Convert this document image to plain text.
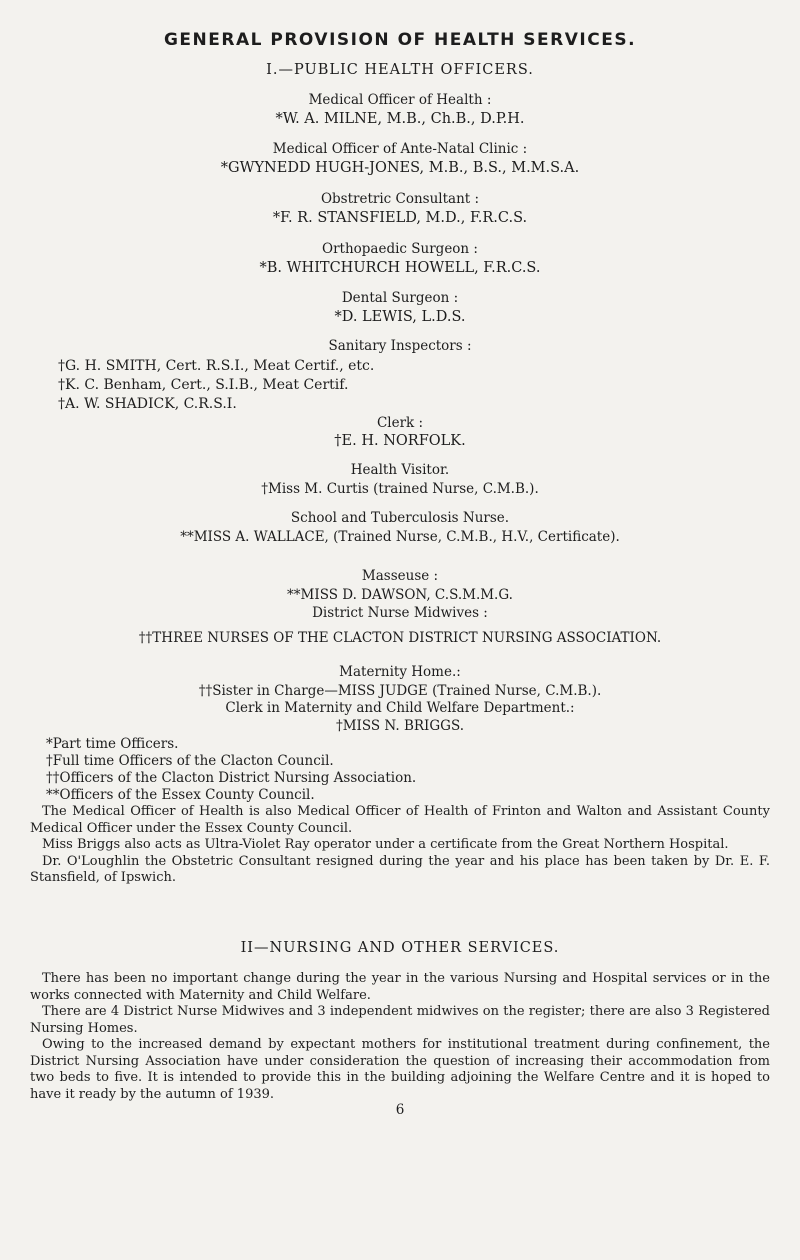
GENERAL PROVISION OF HEALTH SERVICES.
I.—PUBLIC HEALTH OFFICERS.
Medical Officer of Health :
*W. A. MILNE, M.B., Ch.B., D.P.H.
Medical Officer of Ante-Natal Clinic :
*GWYNEDD HUGH-JONES, M.B., B.S., M.M.S.A.
Obstretric Consultant :
*F. R. STANSFIELD, M.D., F.R.C.S.
Orthopaedic Surgeon :
*B. WHITCHURCH HOWELL, F.R.C.S.
Dental Surgeon :
*D. LEWIS, L.D.S.
Sanitary Inspectors :
†G. H. SMITH, Cert. R.S.I., Meat Certif., etc.
†K. C. Benham, Cert., S.I.B., Meat Certif.
†A. W. SHADICK, C.R.S.I.
Clerk :
†E. H. NORFOLK.
Health Visitor.
†Miss M. Curtis (trained Nurse, C.M.B.).
School and Tuberculosis Nurse.
**MISS A. WALLACE, (Trained Nurse, C.M.B., H.V., Certificate).
Masseuse :
**MISS D. DAWSON, C.S.M.M.G.
District Nurse Midwives :
††THREE NURSES OF THE CLACTON DISTRICT NURSING ASSOCIATION.
Maternity Home.:
††Sister in Charge—MISS JUDGE (Trained Nurse, C.M.B.).
Clerk in Maternity and Child Welfare Department.:
†MISS N. BRIGGS.
*Part time Officers.
†Full time Officers of the Clacton Council.
††Officers of the Clacton District Nursing Association.
**Officers of the Essex County Council.

The Medical Officer of Health is also Medical Officer of Health of Frinton and Walton and Assistant County Medical Officer under the Essex County Council.

Miss Briggs also acts as Ultra-Violet Ray operator under a certificate from the Great Northern Hospital.

Dr. O'Loughlin the Obstetric Consultant resigned during the year and his place has been taken by Dr. E. F. Stansfield, of Ipswich.

II—NURSING AND OTHER SERVICES.

There has been no important change during the year in the various Nursing and Hospital services or in the works connected with Maternity and Child Welfare.

There are 4 District Nurse Midwives and 3 independent midwives on the register; there are also 3 Registered Nursing Homes.

Owing to the increased demand by expectant mothers for institutional treatment during confinement, the District Nursing Association have under consideration the question of increasing their accommodation from two beds to five. It is intended to provide this in the building adjoining the Welfare Centre and it is hoped to have it ready by the autumn of 1939.

6
